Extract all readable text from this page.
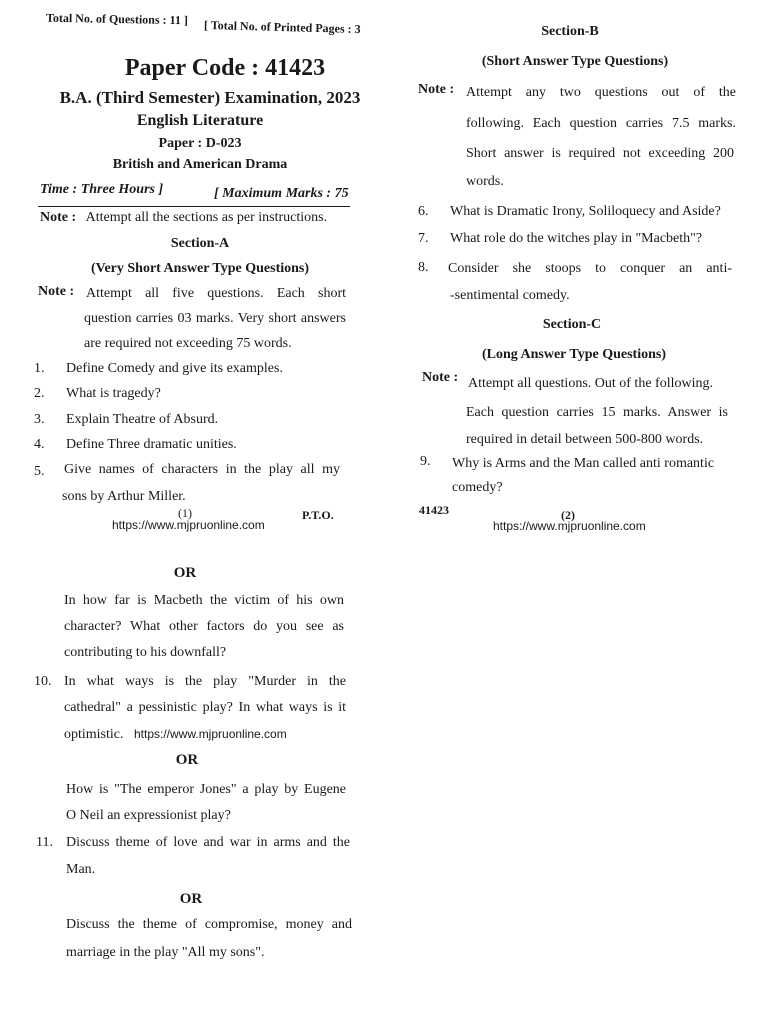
Total No. of Questions : 11 ] [ Total No. of Printed Pages : 3
Paper Code : 41423
B.A. (Third Semester) Examination, 2023
English Literature
Paper : D-023
British and American Drama
Time : Three Hours ]	[ Maximum Marks : 75
Note : Attempt all the sections as per instructions.
Section-A
(Very Short Answer Type Questions)
Note : Attempt all five questions. Each short
question carries 03 marks. Very short answers
are required not exceeding 75 words.
1. Define Comedy and give its examples.
2. What is tragedy?
3. Explain Theatre of Absurd.
4. Define Three dramatic unities.
5. Give names of characters in the play all my
sons by Arthur Miller.
(1)	P.T.O.
https://www.mjpruonline.com
Section-B
(Short Answer Type Questions)
Note : Attempt any two questions out of the
following. Each question carries 7.5 marks.
Short answer is required not exceeding 200
words.
6. What is Dramatic Irony, Soliloquecy and Aside?
7. What role do the witches play in "Macbeth"?
8. Consider she stoops to conquer an anti-
-sentimental comedy.
Section-C
(Long Answer Type Questions)
Note : Attempt all questions. Out of the following.
Each question carries 15 marks. Answer is
required in detail between 500-800 words.
9. Why is Arms and the Man called anti romantic
comedy?
41423	(2)
https://www.mjpruonline.com
OR
In how far is Macbeth the victim of his own
character? What other factors do you see as
contributing to his downfall?
10. In what ways is the play "Murder in the
cathedral" a pessinistic play? In what ways is it
optimistic. https://www.mjpruonline.com
OR
How is "The emperor Jones" a play by Eugene
O Neil an expressionist play?
11. Discuss theme of love and war in arms and the
Man.
OR
Discuss the theme of compromise, money and
marriage in the play "All my sons".
